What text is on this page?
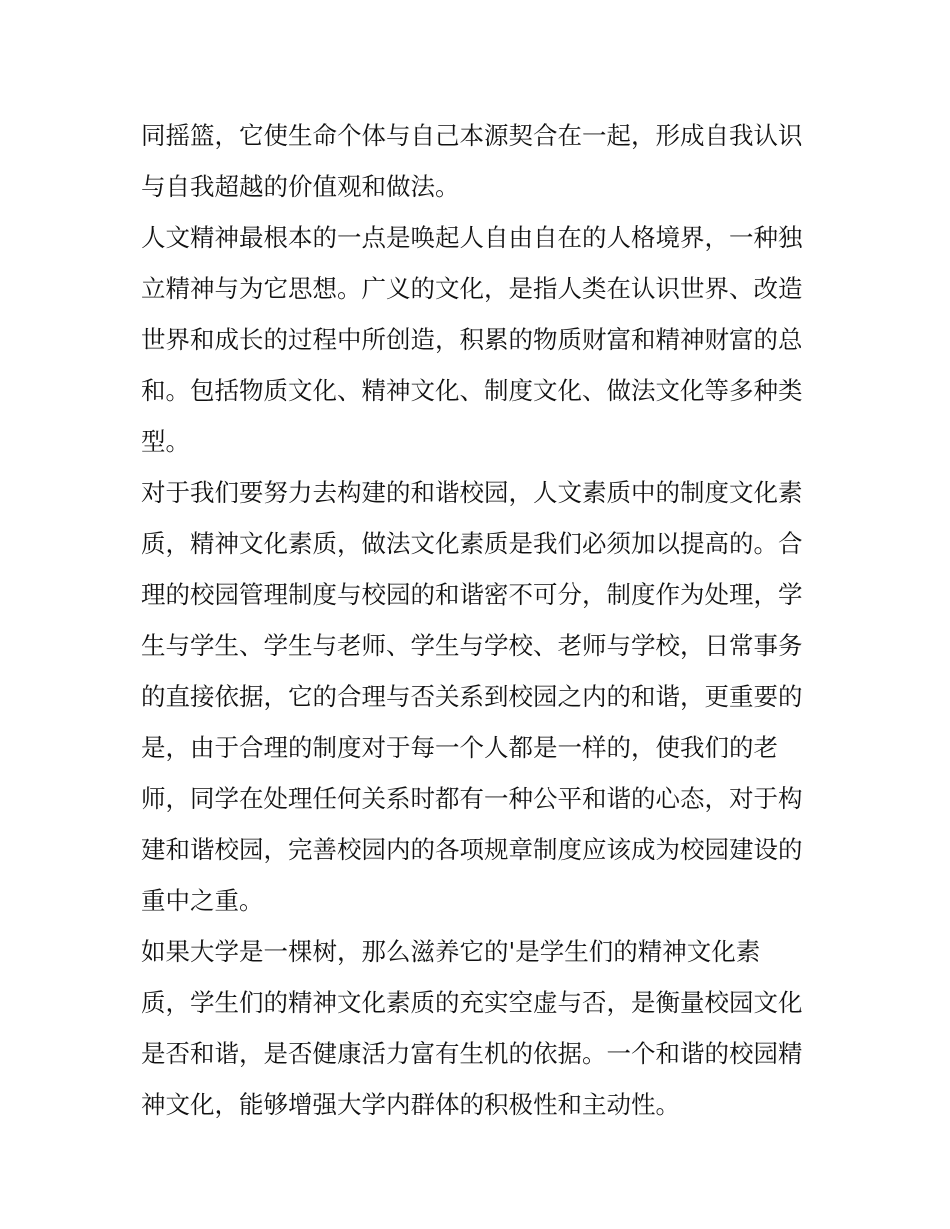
同摇篮，它使生命个体与自己本源契合在一起，形成自我认识
与自我超越的价值观和做法。
人文精神最根本的一点是唤起人自由自在的人格境界，一种独
立精神与为它思想。广义的文化，是指人类在认识世界、改造
世界和成长的过程中所创造，积累的物质财富和精神财富的总
和。包括物质文化、精神文化、制度文化、做法文化等多种类
型。
对于我们要努力去构建的和谐校园，人文素质中的制度文化素
质，精神文化素质，做法文化素质是我们必须加以提高的。合
理的校园管理制度与校园的和谐密不可分，制度作为处理，学
生与学生、学生与老师、学生与学校、老师与学校，日常事务
的直接依据，它的合理与否关系到校园之内的和谐，更重要的
是，由于合理的制度对于每一个人都是一样的，使我们的老
师，同学在处理任何关系时都有一种公平和谐的心态，对于构
建和谐校园，完善校园内的各项规章制度应该成为校园建设的
重中之重。
如果大学是一棵树，那么滋养它的'是学生们的精神文化素
质，学生们的精神文化素质的充实空虚与否，是衡量校园文化
是否和谐，是否健康活力富有生机的依据。一个和谐的校园精
神文化，能够增强大学内群体的积极性和主动性。
